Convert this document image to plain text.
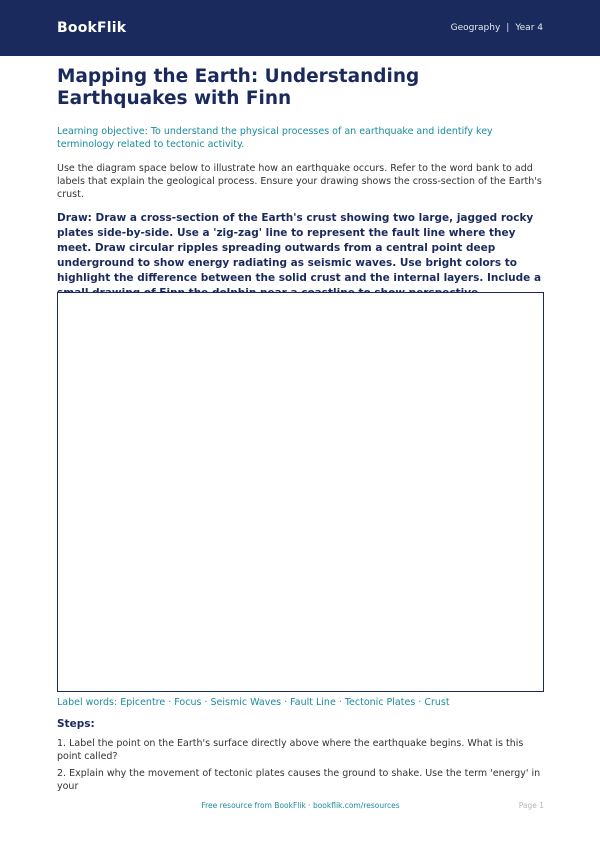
BookFlik	Geography | Year 4
Mapping the Earth: Understanding Earthquakes with Finn

Learning objective: To understand the physical processes of an earthquake and identify key terminology related to tectonic activity.

Use the diagram space below to illustrate how an earthquake occurs. Refer to the word bank to add labels that explain the geological process. Ensure your drawing shows the cross-section of the Earth's crust.

Draw: Draw a cross-section of the Earth's crust showing two large, jagged rocky plates side-by-side. Use a 'zig-zag' line to represent the fault line where they meet. Draw circular ripples spreading outwards from a central point deep underground to show energy radiating as seismic waves. Use bright colors to highlight the difference between the solid crust and the internal layers. Include a

Label words: Epicentre · Focus · Seismic Waves · Fault Line · Tectonic Plates · Crust
Steps:

1. Label the point on the Earth's surface directly above where the earthquake begins. What is this point called?

2. Explain why the movement of tectonic plates causes the ground to shake. Use the term 'energy' in your

Free resource from BookFlik · bookflik.com/resources	Page 1
